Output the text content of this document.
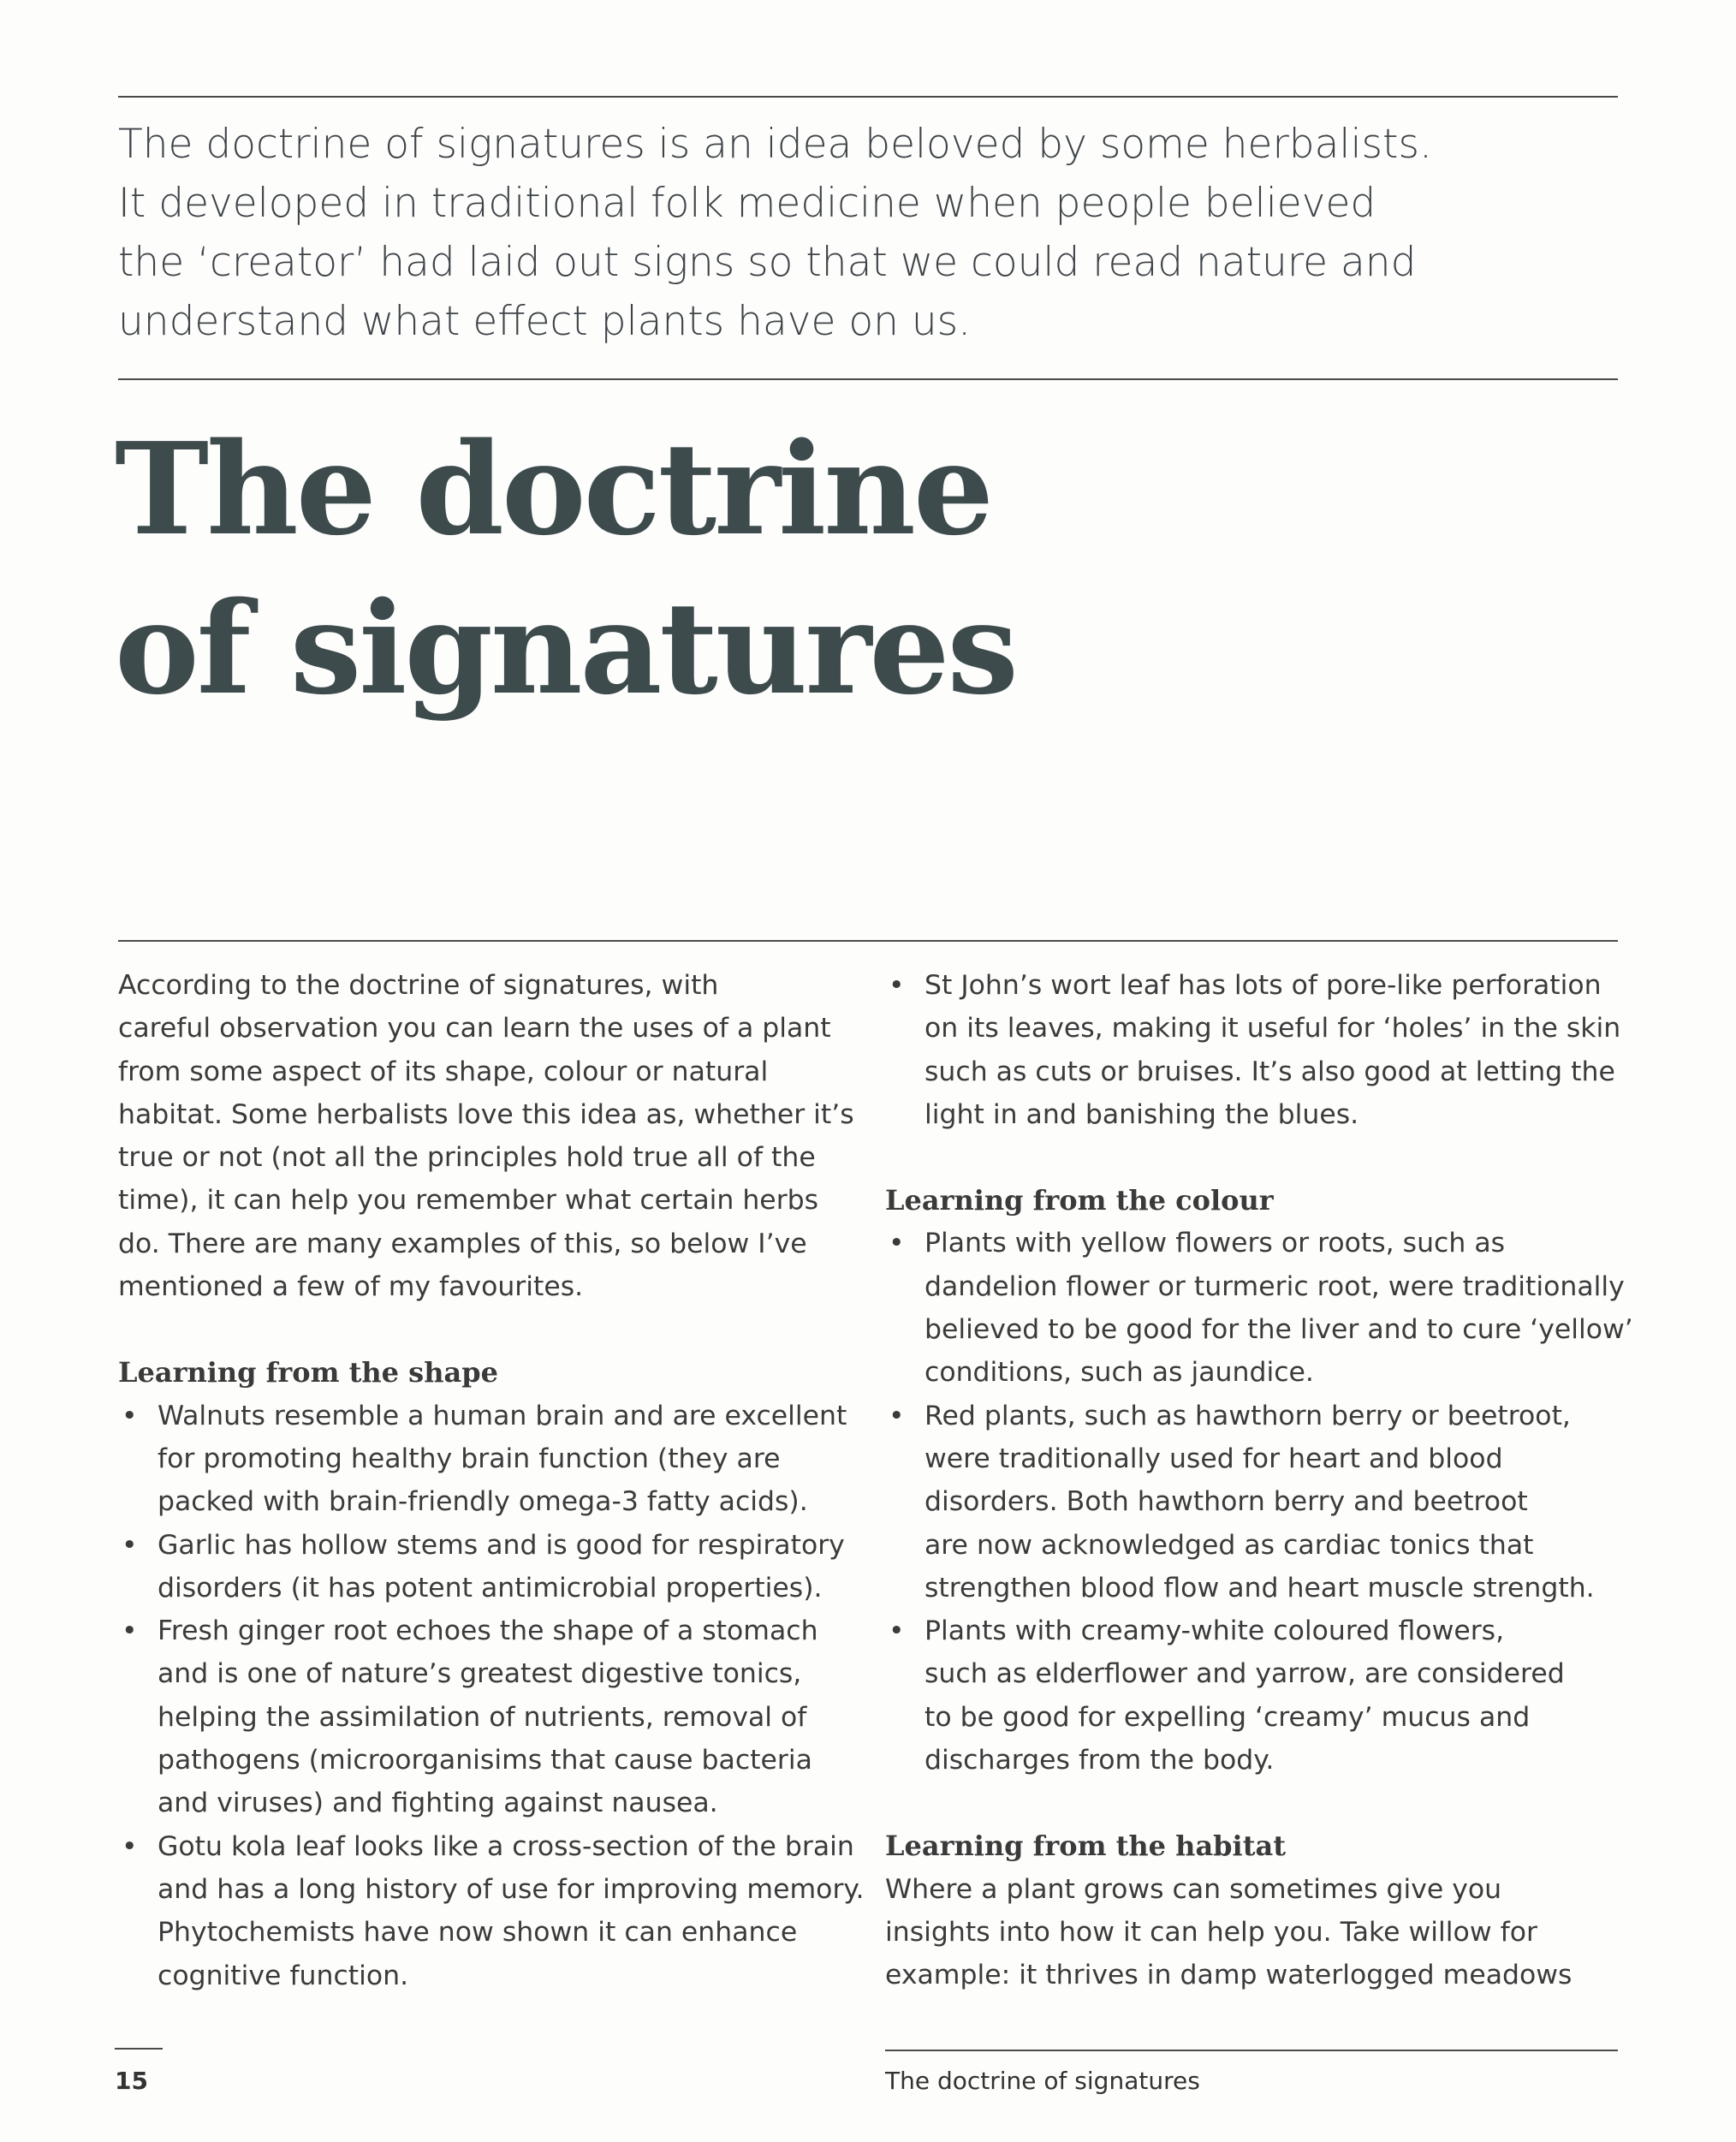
The doctrine of signatures is an idea beloved by some herbalists.
It developed in traditional folk medicine when people believed
the ‘creator’ had laid out signs so that we could read nature and
understand what effect plants have on us.

The doctrine
of signatures

According to the doctrine of signatures, with
careful observation you can learn the uses of a plant
from some aspect of its shape, colour or natural
habitat. Some herbalists love this idea as, whether it’s
true or not (not all the principles hold true all of the
time), it can help you remember what certain herbs
do. There are many examples of this, so below I’ve
mentioned a few of my favourites.

Learning from the shape
• Walnuts resemble a human brain and are excellent
for promoting healthy brain function (they are
packed with brain-friendly omega-3 fatty acids).
• Garlic has hollow stems and is good for respiratory
disorders (it has potent antimicrobial properties).
• Fresh ginger root echoes the shape of a stomach
and is one of nature’s greatest digestive tonics,
helping the assimilation of nutrients, removal of
pathogens (microorganisims that cause bacteria
and viruses) and fighting against nausea.
• Gotu kola leaf looks like a cross-section of the brain
and has a long history of use for improving memory.
Phytochemists have now shown it can enhance
cognitive function.
• St John’s wort leaf has lots of pore-like perforation
on its leaves, making it useful for ‘holes’ in the skin
such as cuts or bruises. It’s also good at letting the
light in and banishing the blues.
Learning from the colour
• Plants with yellow flowers or roots, such as
dandelion flower or turmeric root, were traditionally
believed to be good for the liver and to cure ‘yellow’
conditions, such as jaundice.
• Red plants, such as hawthorn berry or beetroot,
were traditionally used for heart and blood
disorders. Both hawthorn berry and beetroot
are now acknowledged as cardiac tonics that
strengthen blood flow and heart muscle strength.
• Plants with creamy-white coloured flowers,
such as elderflower and yarrow, are considered
to be good for expelling ‘creamy’ mucus and
discharges from the body.
Learning from the habitat

Where a plant grows can sometimes give you
insights into how it can help you. Take willow for
example: it thrives in damp waterlogged meadows

15	The doctrine of signatures
